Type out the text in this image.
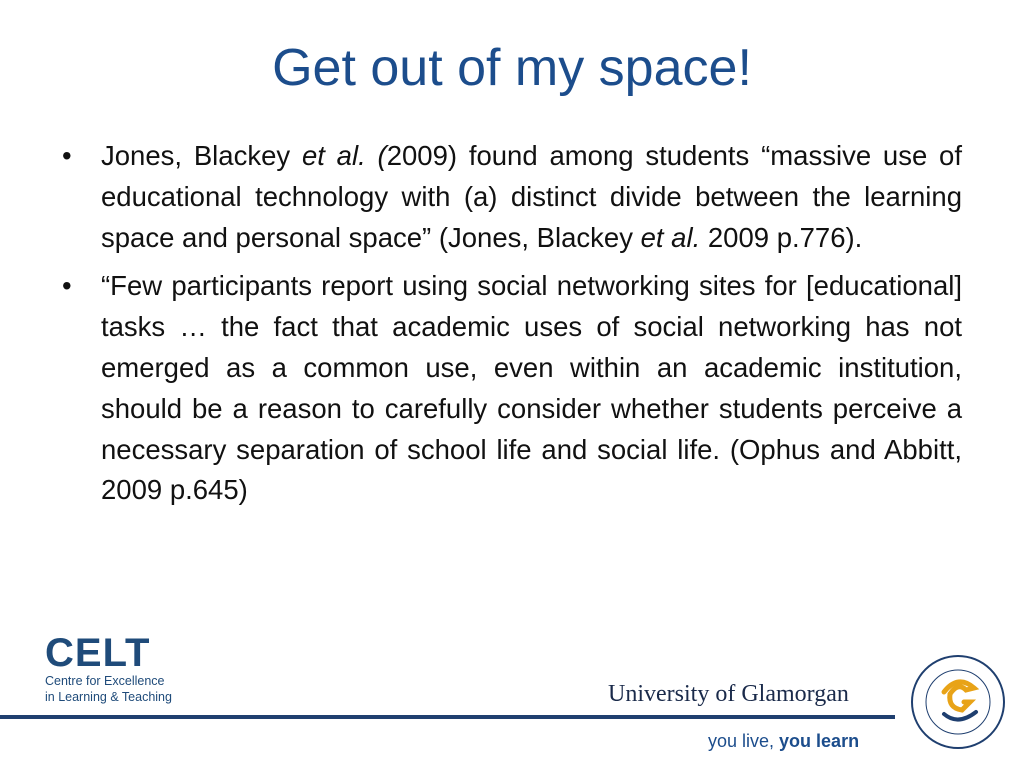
Get out of my space!
• Jones, Blackey et al. (2009) found among students “massive use of educational technology with (a) distinct divide between the learning space and personal space” (Jones, Blackey et al. 2009 p.776).
• “Few participants report using social networking sites for [educational] tasks … the fact that academic uses of social networking has not emerged as a common use, even within an academic institution, should be a reason to carefully consider whether students perceive a necessary separation of school life and social life. (Ophus and Abbitt, 2009 p.645)
CELT
Centre for Excellence
in Learning & Teaching	University of Glamorgan
you live, you learn
